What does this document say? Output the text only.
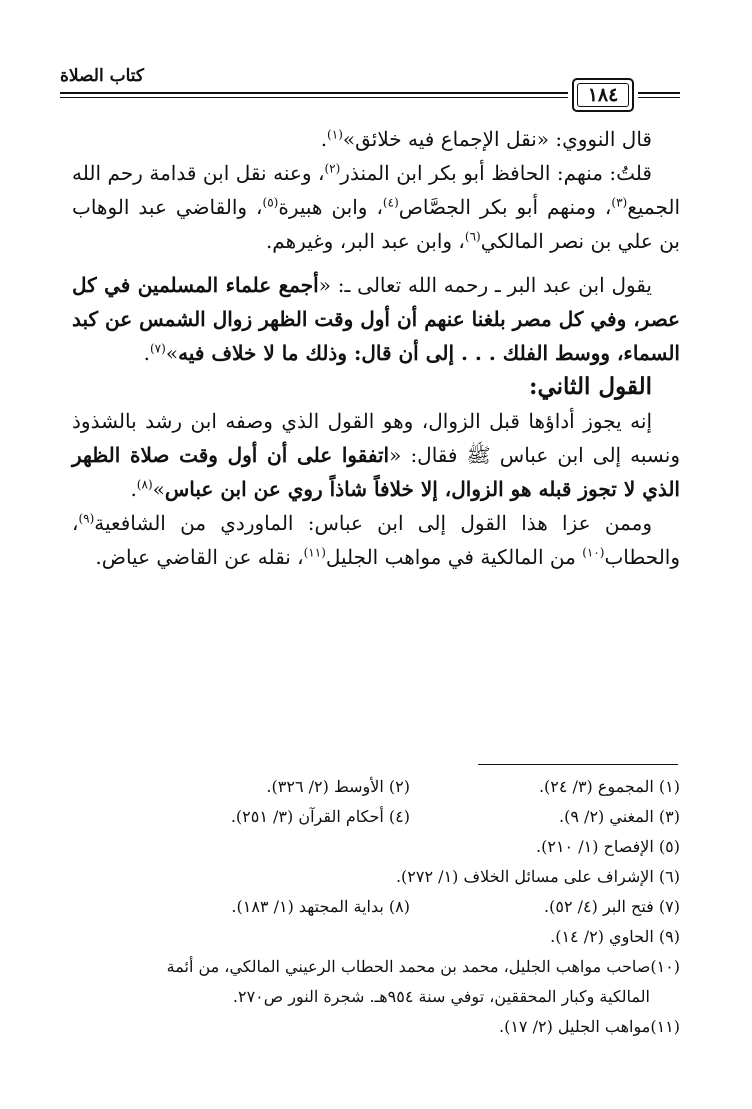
كتاب الصلاة
١٨٤

قال النووي: «نقل الإجماع فيه خلائق»$^{(١)}$.

قلتُ: منهم: الحافظ أبو بكر ابن المنذر$^{(٢)}$، وعنه نقل ابن قدامة رحم الله الجميع$^{(٣)}$، ومنهم أبو بكر الجصَّاص$^{(٤)}$، وابن هبيرة$^{(٥)}$، والقاضي عبد الوهاب بن علي بن نصر المالكي$^{(٦)}$، وابن عبد البر، وغيرهم.

يقول ابن عبد البر ـ رحمه الله تعالى ـ: «أجمع علماء المسلمين في كل عصر، وفي كل مصر بلغنا عنهم أن أول وقت الظهر زوال الشمس عن كبد السماء، ووسط الفلك . . . إلى أن قال: وذلك ما لا خلاف فيه»$^{(٧)}$.

القول الثاني:

إنه يجوز أداؤها قبل الزوال، وهو القول الذي وصفه ابن رشد بالشذوذ ونسبه إلى ابن عباس ﷺ فقال: «اتفقوا على أن أول وقت صلاة الظهر الذي لا تجوز قبله هو الزوال، إلا خلافاً شاذاً روي عن ابن عباس»$^{(٨)}$.

وممن عزا هذا القول إلى ابن عباس: الماوردي من الشافعية$^{(٩)}$، والحطاب$^{(١٠)}$ من المالكية في مواهب الجليل$^{(١١)}$، نقله عن القاضي عياض.

(١) المجموع (٣/ ٢٤).
(٢) الأوسط (٢/ ٣٢٦).
(٣) المغني (٢/ ٩).
(٤) أحكام القرآن (٣/ ٢٥١).
(٥) الإفصاح (١/ ٢١٠).
(٦) الإشراف على مسائل الخلاف (١/ ٢٧٢).
(٧) فتح البر (٤/ ٥٢).
(٨) بداية المجتهد (١/ ١٨٣).
(٩) الحاوي (٢/ ١٤).
(١٠)صاحب مواهب الجليل، محمد بن محمد الحطاب الرعيني المالكي، من أئمة
المالكية وكبار المحققين، توفي سنة ٩٥٤هـ. شجرة النور ص٢٧٠.
(١١)مواهب الجليل (٢/ ١٧).
